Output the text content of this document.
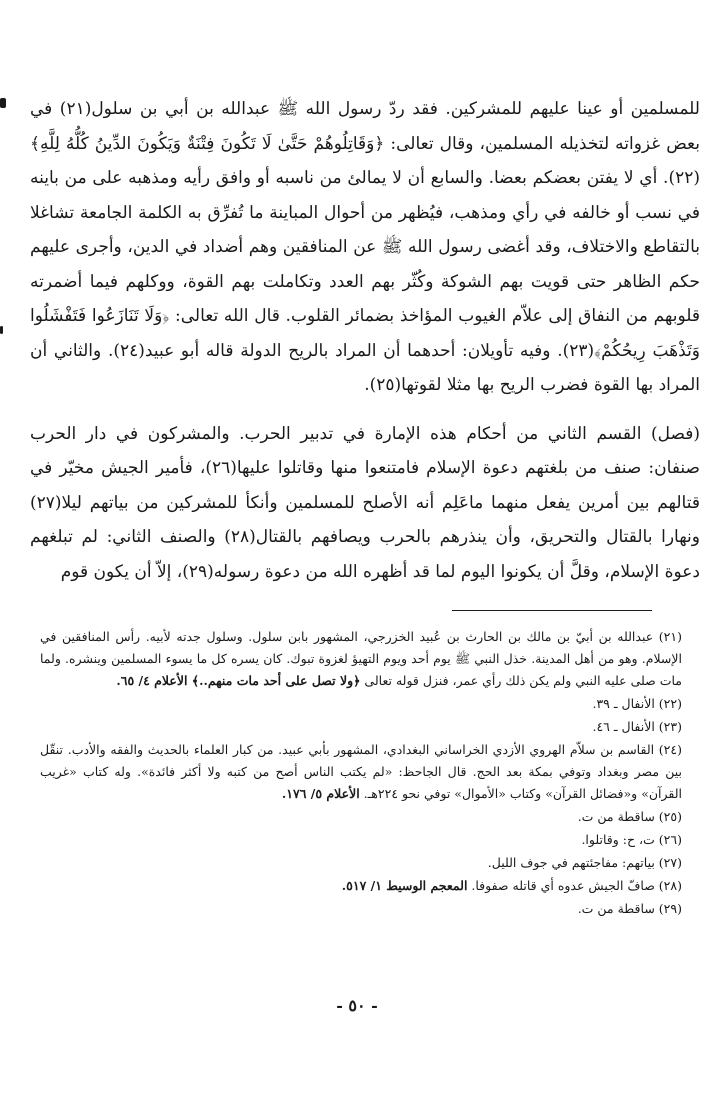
للمسلمين أو عينا عليهم للمشركين. فقد ردّ رسول الله ﷺ عبدالله بن أبي بن سلول(٢١) في بعض غزواته لتخذيله المسلمين، وقال تعالى: ﴿وَقَاتِلُوهُمْ حَتَّىٰ لَا تَكُونَ فِتْنَةٌ وَيَكُونَ الدِّينُ كُلُّهُ لِلَّهِ﴾(٢٢). أي لا يفتن بعضكم بعضا. والسابع أن لا يمالئ من ناسبه أو وافق رأيه ومذهبه على من باينه في نسب أو خالفه في رأي ومذهب، فيُظهر من أحوال المباينة ما تُفرِّق به الكلمة الجامعة تشاغلا بالتقاطع والاختلاف، وقد أغضى رسول الله ﷺ عن المنافقين وهم أضداد في الدين، وأجرى عليهم حكم الظاهر حتى قويت بهم الشوكة وكُثّر بهم العدد وتكاملت بهم القوة، ووكلهم فيما أضمرته قلوبهم من النفاق إلى علاّم الغيوب المؤاخذ بضمائر القلوب. قال الله تعالى: ﴿وَلَا تَنَازَعُوا فَتَفْشَلُوا وَتَذْهَبَ رِيحُكُمْ﴾(٢٣). وفيه تأويلان: أحدهما أن المراد بالريح الدولة قاله أبو عبيد(٢٤). والثاني أن المراد بها القوة فضرب الريح بها مثلا لقوتها(٢٥).

(فصل) القسم الثاني من أحكام هذه الإمارة في تدبير الحرب. والمشركون في دار الحرب صنفان: صنف من بلغتهم دعوة الإسلام فامتنعوا منها وقاتلوا عليها(٢٦)، فأمير الجيش مخيّر في قتالهم بين أمرين يفعل منهما ماعَلِم أنه الأصلح للمسلمين وأنكأ للمشركين من بياتهم ليلا(٢٧) ونهارا بالقتال والتحريق، وأن ينذرهم بالحرب ويصافهم بالقتال(٢٨) والصنف الثاني: لم تبلغهم دعوة الإسلام، وقلَّ أن يكونوا اليوم لما قد أظهره الله من دعوة رسوله(٢٩)، إلاّ أن يكون قوم

(٢١) عبدالله بن أبيّ بن مالك بن الحارث بن عُبيد الخزرجي، المشهور بابن سلول. وسلول جدته لأبيه. رأس المنافقين في الإسلام. وهو من أهل المدينة. خذل النبي ﷺ يوم أحد ويوم التهيؤ لغزوة تبوك. كان يسره كل ما يسوء المسلمين وينشره. ولما مات صلى عليه النبي ولم يكن ذلك رأي عمر، فنزل قوله تعالى ﴿ولا تصل على أحد مات منهم..﴾ الأعلام ٤/ ٦٥.

(٢٢) الأنفال ـ ٣٩.

(٢٣) الأنفال ـ ٤٦.

(٢٤) القاسم بن سلاّم الهروي الأزدي الخراساني البغدادي، المشهور بأبي عبيد. من كبار العلماء بالحديث والفقه والأدب. تنقّل بين مصر وبغداد وتوفي بمكة بعد الحج. قال الجاحظ: «لم يكتب الناس أصح من كتبه ولا أكثر فائدة». وله كتاب «غريب القرآن» و«فضائل القرآن» وكتاب «الأموال» توفي نحو ٢٢٤هـ. الأعلام ٥/ ١٧٦.

(٢٥) ساقطة من ت.

(٢٦) ت، ح: وقاتلوا.

(٢٧) بياتهم: مفاجئتهم في جوف الليل.

(٢٨) صافّ الجيش عدوه أي قاتله صفوفا. المعجم الوسيط ١/ ٥١٧.

(٢٩) ساقطة من ت.

- ٥٠ -
